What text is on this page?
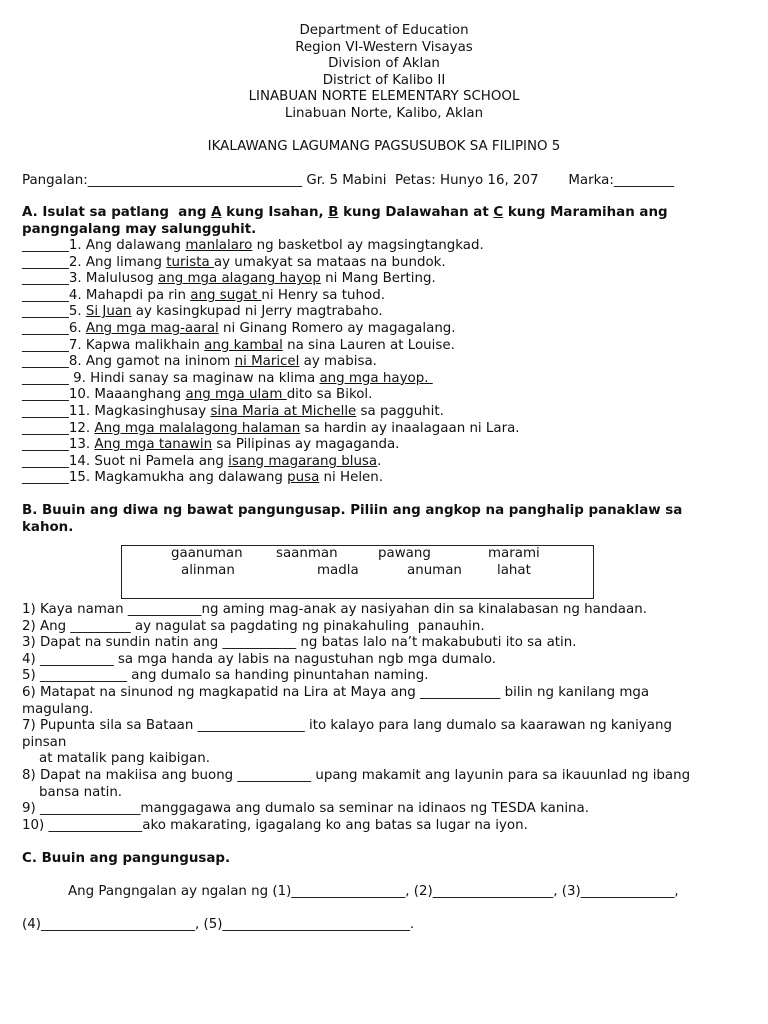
Department of Education
Region VI-Western Visayas
Division of Aklan
District of Kalibo II
LINABUAN NORTE ELEMENTARY SCHOOL
Linabuan Norte, Kalibo, Aklan
IKALAWANG LAGUMANG PAGSUSUBOK SA FILIPINO 5
Pangalan:________________________________ Gr. 5 Mabini Petas: Hunyo 16, 207 Marka:_________
A. Isulat sa patlang  ang A kung Isahan, B kung Dalawahan at C kung Maramihan ang
pangngalang may salungguhit.
_______1. Ang dalawang manlalaro ng basketbol ay magsingtangkad.
_______2. Ang limang turista ay umakyat sa mataas na bundok.
_______3. Malulusog ang mga alagang hayop ni Mang Berting.
_______4. Mahapdi pa rin ang sugat ni Henry sa tuhod.
_______5. Si Juan ay kasingkupad ni Jerry magtrabaho.
_______6. Ang mga mag-aaral ni Ginang Romero ay magagalang.
_______7. Kapwa malikhain ang kambal na sina Lauren at Louise.
_______8. Ang gamot na ininom ni Maricel ay mabisa.
_______ 9. Hindi sanay sa maginaw na klima ang mga hayop.
_______10. Maaanghang ang mga ulam dito sa Bikol.
_______11. Magkasinghusay sina Maria at Michelle sa pagguhit.
_______12. Ang mga malalagong halaman sa hardin ay inaalagaan ni Lara.
_______13. Ang mga tanawin sa Pilipinas ay magaganda.
_______14. Suot ni Pamela ang isang magarang blusa.
_______15. Magkamukha ang dalawang pusa ni Helen.
B. Buuin ang diwa ng bawat pangungusap. Piliin ang angkop na panghalip panaklaw sa
kahon.
gaanuman saanman	pawang	marami
alinman	madla	anuman	lahat
1) Kaya naman ___________ng aming mag-anak ay nasiyahan din sa kinalabasan ng handaan.
2) Ang _________ ay nagulat sa pagdating ng pinakahuling  panauhin.
3) Dapat na sundin natin ang ___________ ng batas lalo na’t makabubuti ito sa atin.
4) ___________ sa mga handa ay labis na nagustuhan ngb mga dumalo.
5) _____________ ang dumalo sa handing pinuntahan naming.
6) Matapat na sinunod ng magkapatid na Lira at Maya ang ____________ bilin ng kanilang mga
magulang.
7) Pupunta sila sa Bataan ________________ ito kalayo para lang dumalo sa kaarawan ng kaniyang
pinsan
at matalik pang kaibigan.
8) Dapat na makiisa ang buong ___________ upang makamit ang layunin para sa ikauunlad ng ibang
bansa natin.
9) _______________manggagawa ang dumalo sa seminar na idinaos ng TESDA kanina.
10) ______________ako makarating, igagalang ko ang batas sa lugar na iyon.
C. Buuin ang pangungusap.
Ang Pangngalan ay ngalan ng (1)_________________, (2)__________________, (3)______________,
(4)_______________________, (5)____________________________.
